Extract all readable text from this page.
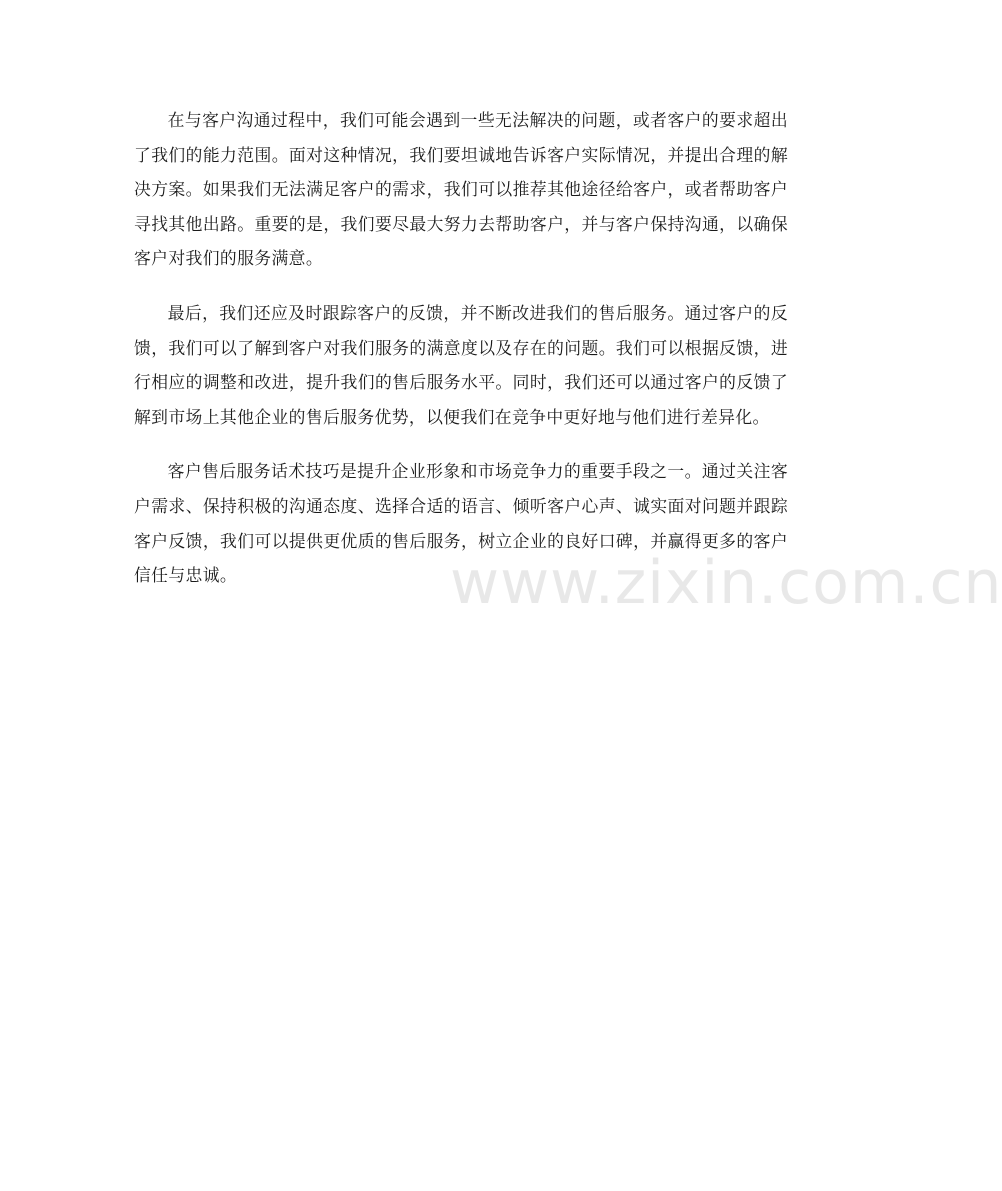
在与客户沟通过程中，我们可能会遇到一些无法解决的问题，或者客户的要求超出了我们的能力范围。面对这种情况，我们要坦诚地告诉客户实际情况，并提出合理的解决方案。如果我们无法满足客户的需求，我们可以推荐其他途径给客户，或者帮助客户寻找其他出路。重要的是，我们要尽最大努力去帮助客户，并与客户保持沟通，以确保客户对我们的服务满意。

最后，我们还应及时跟踪客户的反馈，并不断改进我们的售后服务。通过客户的反馈，我们可以了解到客户对我们服务的满意度以及存在的问题。我们可以根据反馈，进行相应的调整和改进，提升我们的售后服务水平。同时，我们还可以通过客户的反馈了解到市场上其他企业的售后服务优势，以便我们在竞争中更好地与他们进行差异化。

客户售后服务话术技巧是提升企业形象和市场竞争力的重要手段之一。通过关注客户需求、保持积极的沟通态度、选择合适的语言、倾听客户心声、诚实面对问题并跟踪客户反馈，我们可以提供更优质的售后服务，树立企业的良好口碑，并赢得更多的客户信任与忠诚。	www.zixin.com.cn
